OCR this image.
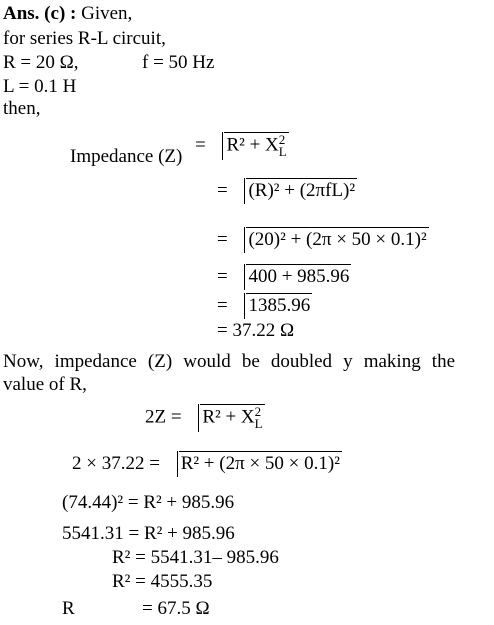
Ans. (c) : Given,
for series R-L circuit,
R = 20 Ω,	f = 50 Hz
L = 0.1 H
then,
Impedance (Z)
= R² + X 2
L
= (R)² + (2πfL)²
= (20)² + (2π × 50 × 0.1)²
= 400 + 985.96
= 1385.96
= 37.22 Ω
Now, impedance (Z) would be doubled y making the
value of R,
2Z = R² + X 2
L
2 × 37.22 = R² + (2π × 50 × 0.1)²
(74.44)² = R² + 985.96
5541.31 = R² + 985.96
R² = 5541.31– 985.96
R² = 4555.35
R	= 67.5 Ω
